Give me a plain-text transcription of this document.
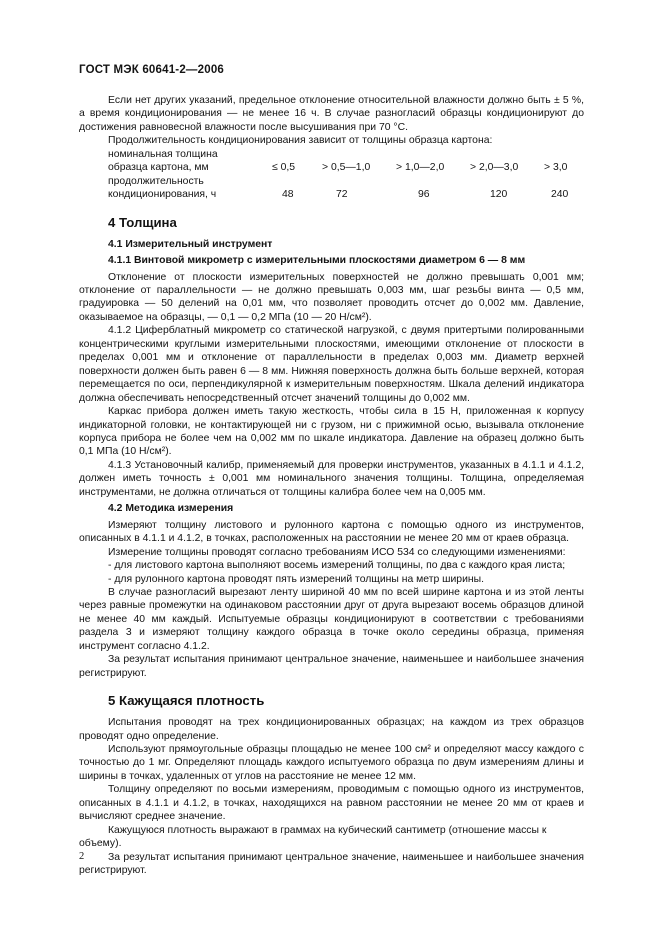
ГОСТ МЭК 60641-2—2006

Если нет других указаний, предельное отклонение относительной влажности должно быть ± 5 %, а время кондиционирования — не менее 16 ч. В случае разногласий образцы кондиционируют до достижения равновесной влажности после высушивания при 70 °С.

Продолжительность кондиционирования зависит от толщины образца картона:

номинальная толщина
образца картона, мм	≤ 0,5	> 0,5—1,0	> 1,0—2,0	> 2,0—3,0	> 3,0
продолжительность
кондиционирования, ч	48	72	96	120	240
4 Толщина

4.1 Измерительный инструмент

4.1.1 Винтовой микрометр с измерительными плоскостями диаметром 6 — 8 мм

Отклонение от плоскости измерительных поверхностей не должно превышать 0,001 мм; отклонение от параллельности — не должно превышать 0,003 мм, шаг резьбы винта — 0,5 мм, градуировка — 50 делений на 0,01 мм, что позволяет проводить отсчет до 0,002 мм. Давление, оказываемое на образцы, — 0,1 — 0,2 МПа (10 — 20 Н/см²).

4.1.2 Циферблатный микрометр со статической нагрузкой, с двумя притертыми полированными концентрическими круглыми измерительными плоскостями, имеющими отклонение от плоскости в пределах 0,001 мм и отклонение от параллельности в пределах 0,003 мм. Диаметр верхней поверхности должен быть равен 6 — 8 мм. Нижняя поверхность должна быть больше верхней, которая перемещается по оси, перпендикулярной к измерительным поверхностям. Шкала делений индикатора должна обеспечивать непосредственный отсчет значений толщины до 0,002 мм.

Каркас прибора должен иметь такую жесткость, чтобы сила в 15 Н, приложенная к корпусу индикаторной головки, не контактирующей ни с грузом, ни с прижимной осью, вызывала отклонение корпуса прибора не более чем на 0,002 мм по шкале индикатора. Давление на образец должно быть 0,1 МПа (10 Н/см²).

4.1.3 Установочный калибр, применяемый для проверки инструментов, указанных в 4.1.1 и 4.1.2, должен иметь точность ± 0,001 мм номинального значения толщины. Толщина, определяемая инструментами, не должна отличаться от толщины калибра более чем на 0,005 мм.

4.2 Методика измерения

Измеряют толщину листового и рулонного картона с помощью одного из инструментов, описанных в 4.1.1 и 4.1.2, в точках, расположенных на расстоянии не менее 20 мм от краев образца.

Измерение толщины проводят согласно требованиям ИСО 534 со следующими изменениями:

- для листового картона выполняют восемь измерений толщины, по два с каждого края листа;

- для рулонного картона проводят пять измерений толщины на метр ширины.

В случае разногласий вырезают ленту шириной 40 мм по всей ширине картона и из этой ленты через равные промежутки на одинаковом расстоянии друг от друга вырезают восемь образцов длиной не менее 40 мм каждый. Испытуемые образцы кондиционируют в соответствии с требованиями раздела 3 и измеряют толщину каждого образца в точке около середины образца, применяя инструмент согласно 4.1.2.

За результат испытания принимают центральное значение, наименьшее и наибольшее значения регистрируют.

5 Кажущаяся плотность

Испытания проводят на трех кондиционированных образцах; на каждом из трех образцов проводят одно определение.

Используют прямоугольные образцы площадью не менее 100 см² и определяют массу каждого с точностью до 1 мг. Определяют площадь каждого испытуемого образца по двум измерениям длины и ширины в точках, удаленных от углов на расстояние не менее 12 мм.

Толщину определяют по восьми измерениям, проводимым с помощью одного из инструментов, описанных в 4.1.1 и 4.1.2, в точках, находящихся на равном расстоянии не менее 20 мм от краев и вычисляют среднее значение.

Кажущуюся плотность выражают в граммах на кубический сантиметр (отношение массы к объему).

За результат испытания принимают центральное значение, наименьшее и наибольшее значения регистрируют.

2
